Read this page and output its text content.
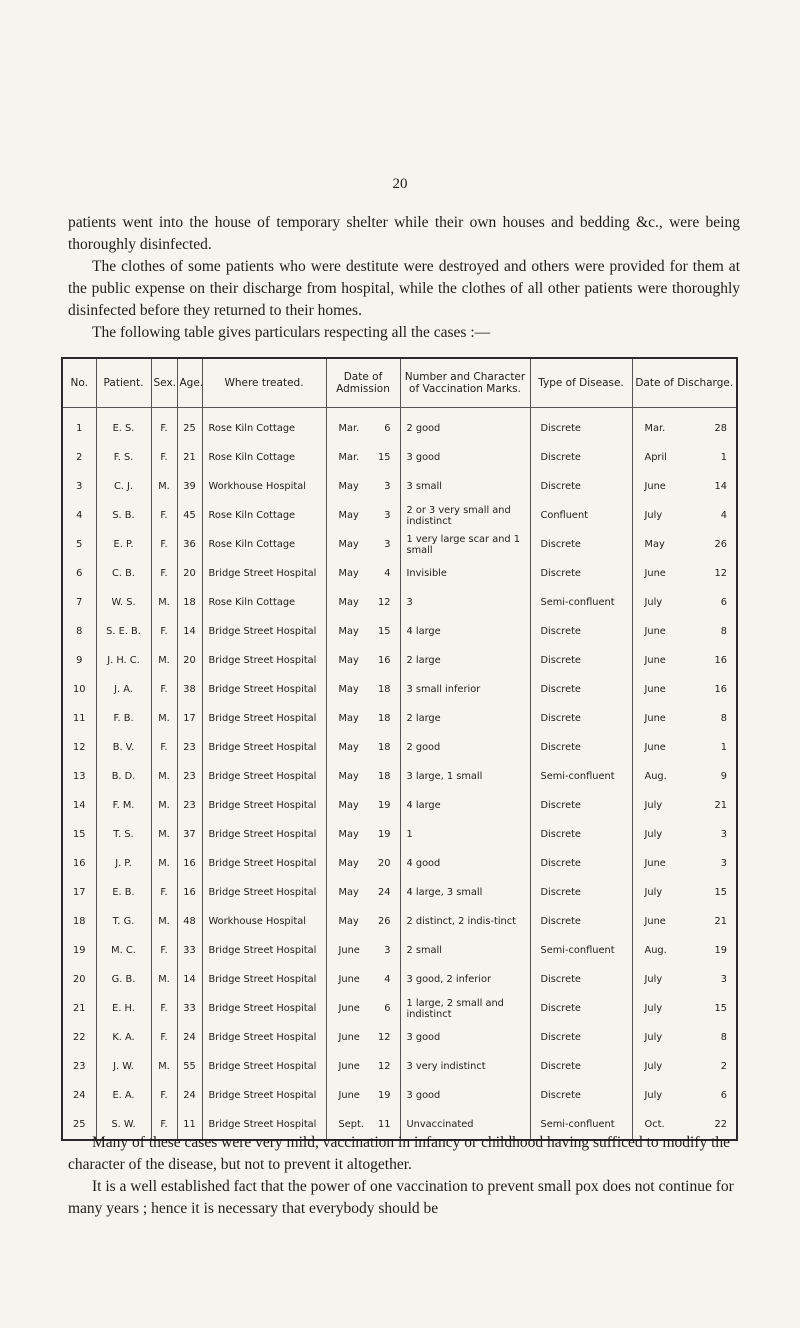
20

patients went into the house of temporary shelter while their own houses and bedding &c., were being thoroughly disinfected.

The clothes of some patients who were destitute were destroyed and others were provided for them at the public expense on their discharge from hospital, while the clothes of all other patients were thoroughly disinfected before they returned to their homes.

The following table gives particulars respecting all the cases :—

No.	Patient.	Sex.	Age.	Where treated.	Date of Admission	Number and Character of Vaccination Marks.	Type of Disease.	Date of Discharge.
1	E. S.	F.	25	Rose Kiln Cottage	Mar. 6	2 good	Discrete	Mar. 28

2	F. S.	F.	21	Rose Kiln Cottage	Mar. 15	3 good	Discrete	April 1

3	C. J.	M.	39	Workhouse Hospital	May 3	3 small	Discrete	June 14

4	S. B.	F.	45	Rose Kiln Cottage	May 3	2 or 3 very small and indistinct	Confluent	July 4

5	E. P.	F.	36	Rose Kiln Cottage	May 3	1 very large scar and 1 small	Discrete	May 26

6	C. B.	F.	20	Bridge Street Hospital	May 4	Invisible	Discrete	June 12

7	W. S.	M.	18	Rose Kiln Cottage	May 12	3	Semi-confluent	July 6

8	S. E. B.	F.	14	Bridge Street Hospital	May 15	4 large	Discrete	June 8

9	J. H. C.	M.	20	Bridge Street Hospital	May 16	2 large	Discrete	June 16

10	J. A.	F.	38	Bridge Street Hospital	May 18	3 small inferior	Discrete	June 16

11	F. B.	M.	17	Bridge Street Hospital	May 18	2 large	Discrete	June 8

12	B. V.	F.	23	Bridge Street Hospital	May 18	2 good	Discrete	June 1

13	B. D.	M.	23	Bridge Street Hospital	May 18	3 large, 1 small	Semi-confluent	Aug. 9

14	F. M.	M.	23	Bridge Street Hospital	May 19	4 large	Discrete	July 21

15	T. S.	M.	37	Bridge Street Hospital	May 19	1	Discrete	July 3

16	J. P.	M.	16	Bridge Street Hospital	May 20	4 good	Discrete	June 3

17	E. B.	F.	16	Bridge Street Hospital	May 24	4 large, 3 small	Discrete	July 15

18	T. G.	M.	48	Workhouse Hospital	May 26	2 distinct, 2 indis-tinct	Discrete	June 21

19	M. C.	F.	33	Bridge Street Hospital	June 3	2 small	Semi-confluent	Aug. 19

20	G. B.	M.	14	Bridge Street Hospital	June 4	3 good, 2 inferior	Discrete	July 3

21	E. H.	F.	33	Bridge Street Hospital	June 6	1 large, 2 small and indistinct	Discrete	July 15

22	K. A.	F.	24	Bridge Street Hospital	June 12	3 good	Discrete	July 8

23	J. W.	M.	55	Bridge Street Hospital	June 12	3 very indistinct	Discrete	July 2

24	E. A.	F.	24	Bridge Street Hospital	June 19	3 good	Discrete	July 6

25	S. W.	F.	11	Bridge Street Hospital	Sept. 11	Unvaccinated	Semi-confluent	Oct. 22

Many of these cases were very mild, vaccination in infancy or childhood having sufficed to modify the character of the disease, but not to prevent it altogether.

It is a well established fact that the power of one vaccination to prevent small pox does not continue for many years ; hence it is necessary that everybody should be
